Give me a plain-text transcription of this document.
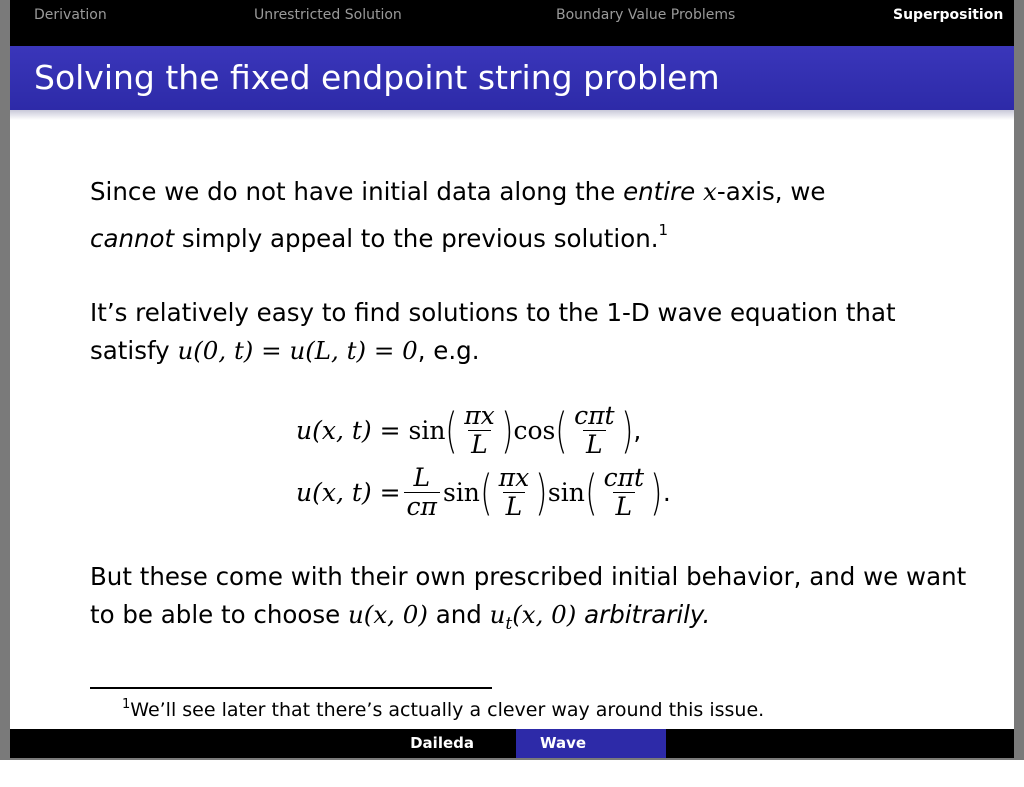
Derivation	Unrestricted Solution	Boundary Value Problems	Superposition
Solving the fixed endpoint string problem
Since we do not have initial data along the entire x-axis, we
cannot simply appeal to the previous solution.$^1$
It’s relatively easy to find solutions to the 1-D wave equation that satisfy u(0, t) = u(L, t) = 0, e.g.
u(x, t) = sin ( $\frac{\pi x}{L}$ ) cos ( $\frac{\text{cπt}}{L}$ ) ,
u(x, $t) = \frac{L}{c\pi}$ sin ( $\frac{\pi x}{L}$ ) sin ( $\frac{\text{cπt}}{L}$ ) .
But these come with their own prescribed initial behavior, and we want to be able to choose u(x, 0) and $u_t(x$, 0) arbitrarily.
$^1$We’ll see later that there’s actually a clever way around this issue.
Daileda	Wave Equation
